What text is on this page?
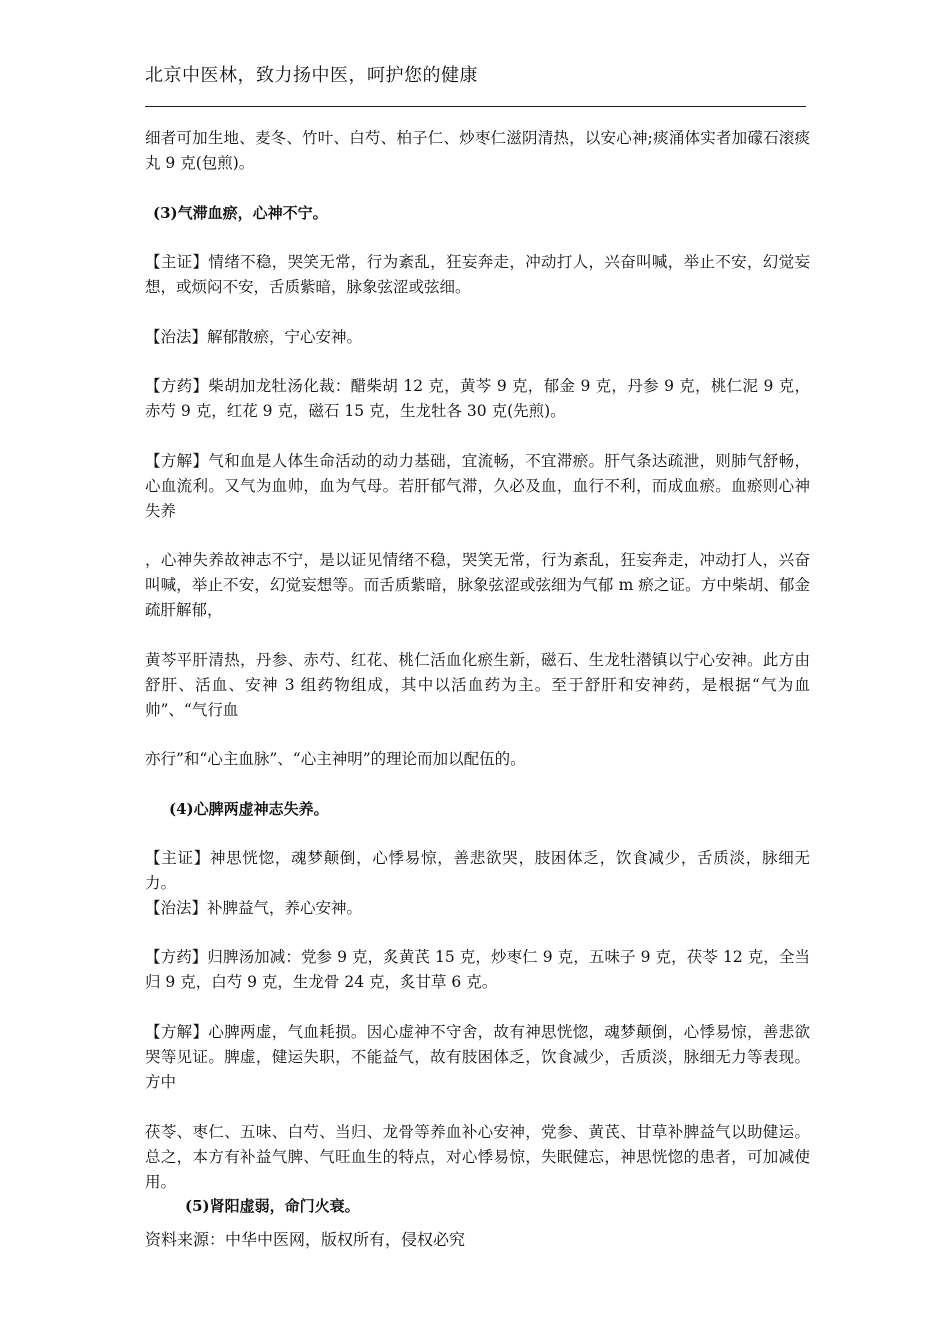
北京中医林，致力扬中医，呵护您的健康
细者可加生地、麦冬、竹叶、白芍、柏子仁、炒枣仁滋阴清热，以安心神;痰涌体实者加礞石滚痰丸 9 克(包煎)。
(3)气滞血瘀，心神不宁。
【主证】情绪不稳，哭笑无常，行为紊乱，狂妄奔走，冲动打人，兴奋叫喊，举止不安，幻觉妄想，或烦闷不安，舌质紫暗，脉象弦涩或弦细。
【治法】解郁散瘀，宁心安神。
【方药】柴胡加龙牡汤化裁：醋柴胡 12 克，黄芩 9 克，郁金 9 克，丹参 9 克，桃仁泥 9 克，赤芍 9 克，红花 9 克，磁石 15 克，生龙牡各 30 克(先煎)。
【方解】气和血是人体生命活动的动力基础，宜流畅，不宜滞瘀。肝气条达疏泄，则肺气舒畅，心血流利。又气为血帅，血为气母。若肝郁气滞，久必及血，血行不利，而成血瘀。血瘀则心神失养
，心神失养故神志不宁，是以证见情绪不稳，哭笑无常，行为紊乱，狂妄奔走，冲动打人，兴奋叫喊，举止不安，幻觉妄想等。而舌质紫暗，脉象弦涩或弦细为气郁 m 瘀之证。方中柴胡、郁金疏肝解郁，
黄芩平肝清热，丹参、赤芍、红花、桃仁活血化瘀生新，磁石、生龙牡潜镇以宁心安神。此方由舒肝、活血、安神 3 组药物组成，其中以活血药为主。至于舒肝和安神药，是根据“气为血帅”、“气行血
亦行”和“心主血脉”、“心主神明”的理论而加以配伍的。
(4)心脾两虚神志失养。
【主证】神思恍惚，魂梦颠倒，心悸易惊，善悲欲哭，肢困体乏，饮食减少，舌质淡，脉细无力。
【治法】补脾益气，养心安神。
【方药】归脾汤加减：党参 9 克，炙黄芪 15 克，炒枣仁 9 克，五味子 9 克，茯苓 12 克，全当归 9 克，白芍 9 克，生龙骨 24 克，炙甘草 6 克。
【方解】心脾两虚，气血耗损。因心虚神不守舍，故有神思恍惚，魂梦颠倒，心悸易惊，善悲欲哭等见证。脾虚，健运失职，不能益气，故有肢困体乏，饮食减少，舌质淡，脉细无力等表现。方中
茯苓、枣仁、五味、白芍、当归、龙骨等养血补心安神，党参、黄芪、甘草补脾益气以助健运。总之，本方有补益气脾、气旺血生的特点，对心悸易惊，失眠健忘，神思恍惚的患者，可加减使用。
(5)肾阳虚弱，命门火衰。
资料来源：中华中医网，版权所有，侵权必究
